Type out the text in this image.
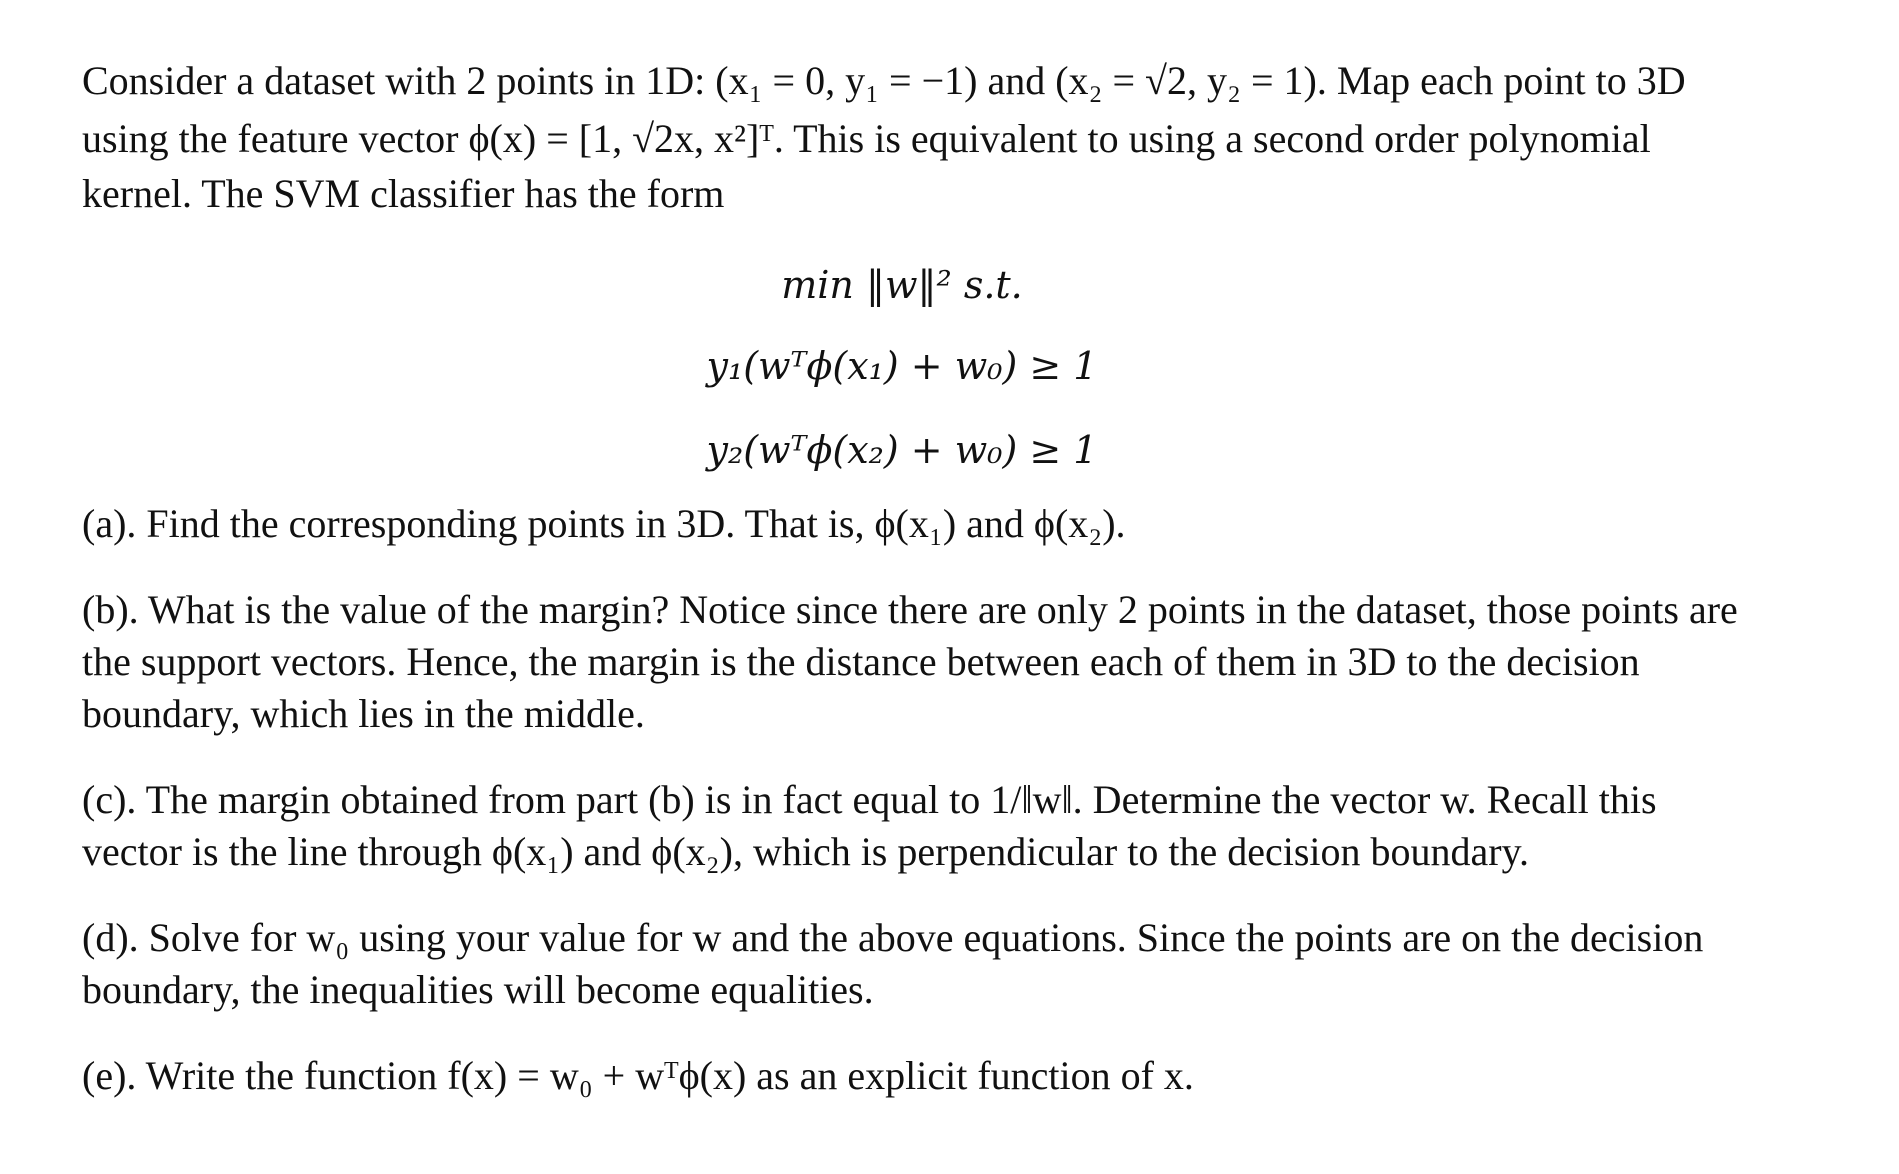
Consider a dataset with 2 points in 1D: (x₁ = 0, y₁ = −1) and (x₂ = √2, y₂ = 1). Map each point to 3D
using the feature vector ϕ(x) = [1, √2x, x²]ᵀ. This is equivalent to using a second order polynomial
kernel. The SVM classifier has the form
min ‖w‖² s.t.
y₁(wᵀϕ(x₁) + w₀) ≥ 1
y₂(wᵀϕ(x₂) + w₀) ≥ 1
(a). Find the corresponding points in 3D. That is, ϕ(x₁) and ϕ(x₂).
(b). What is the value of the margin? Notice since there are only 2 points in the dataset, those points are
the support vectors. Hence, the margin is the distance between each of them in 3D to the decision
boundary, which lies in the middle.
(c). The margin obtained from part (b) is in fact equal to 1/‖w‖. Determine the vector w. Recall this
vector is the line through ϕ(x₁) and ϕ(x₂), which is perpendicular to the decision boundary.
(d). Solve for w₀ using your value for w and the above equations. Since the points are on the decision
boundary, the inequalities will become equalities.
(e). Write the function f(x) = w₀ + wᵀϕ(x) as an explicit function of x.
